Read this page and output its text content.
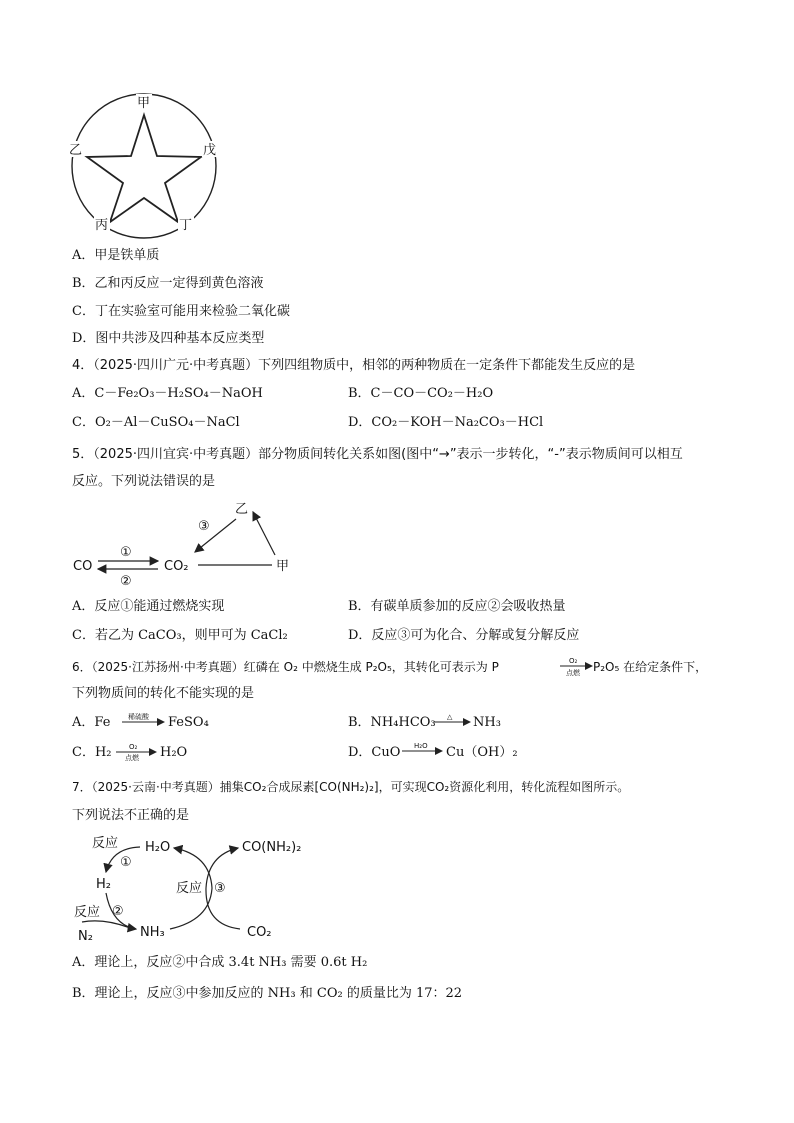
甲
乙	戊
丙	丁
A．甲是铁单质
B．乙和丙反应一定得到黄色溶液
C．丁在实验室可能用来检验二氧化碳
D．图中共涉及四种基本反应类型
4．（2025·四川广元·中考真题）下列四组物质中，相邻的两种物质在一定条件下都能发生反应的是
A．C－Fe₂O₃－H₂SO₄－NaOH	B．C－CO－CO₂－H₂O
C．O₂－Al－CuSO₄－NaCl	D．CO₂－KOH－Na₂CO₃－HCl
5．（2025·四川宜宾·中考真题）部分物质间转化关系如图(图中“→”表示一步转化，“-”表示物质间可以相互
反应。下列说法错误的是
CO	CO₂	甲
乙
①
②
③
A．反应①能通过燃烧实现	B．有碳单质参加的反应②会吸收热量
C．若乙为 CaCO₃，则甲可为 CaCl₂	D．反应③可为化合、分解或复分解反应
6．（2025·江苏扬州·中考真题）红磷在 O₂ 中燃烧生成 P₂O₅，其转化可表示为 P	O₂
点燃 P₂O₅ 在给定条件下，
下列物质间的转化不能实现的是
稀硫酸	△
O₂
点燃
H₂O
A．Fe	FeSO₄	B．NH₄HCO₃	NH₃
C．H₂	H₂O	D．CuO	Cu（OH）₂
7．（2025·云南·中考真题）捕集CO₂合成尿素[CO(NH₂)₂]，可实现CO₂资源化利用，转化流程如图所示。
下列说法不正确的是
H₂O	CO(NH₂)₂
H₂
NH₃
N₂	CO₂
反应
①
反应 ②
反应 ③
A．理论上，反应②中合成 3.4t NH₃ 需要 0.6t H₂
B．理论上，反应③中参加反应的 NH₃ 和 CO₂ 的质量比为 17：22
